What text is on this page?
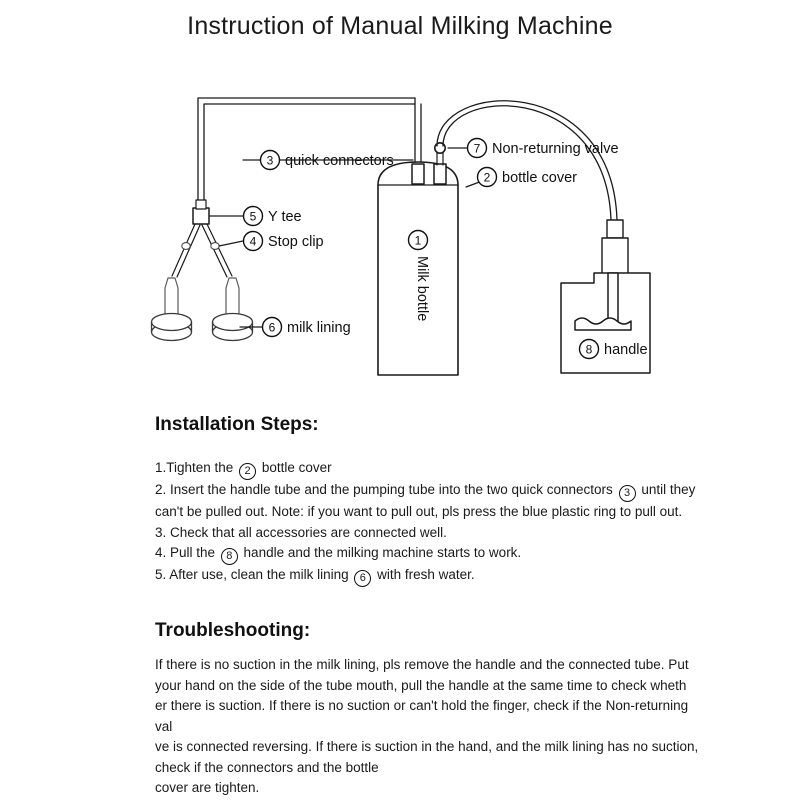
Instruction of Manual Milking Machine
3 quick connectors
7 Non-returning valve
2 bottle cover
5 Y tee
4 Stop clip
6 milk lining
1
Milk bottle
8 handle
Installation Steps:
1.Tighten the 2 bottle cover
2. Insert the handle tube and the pumping tube into the two quick connectors 3 until they can't be pulled out. Note: if you want to pull out, pls press the blue plastic ring to pull out.
3. Check that all accessories are connected well.
4. Pull the 8 handle and the milking machine starts to work.
5. After use, clean the milk lining 6 with fresh water.
Troubleshooting:
If there is no suction in the milk lining, pls remove the handle and the connected tube. Put
your hand on the side of the tube mouth, pull the handle at the same time to check wheth
er there is suction. If there is no suction or can't hold the finger, check if the Non-returning val
ve is connected reversing. If there is suction in the hand, and the milk lining has no suction,
check if the connectors and the bottle
cover are tighten.
